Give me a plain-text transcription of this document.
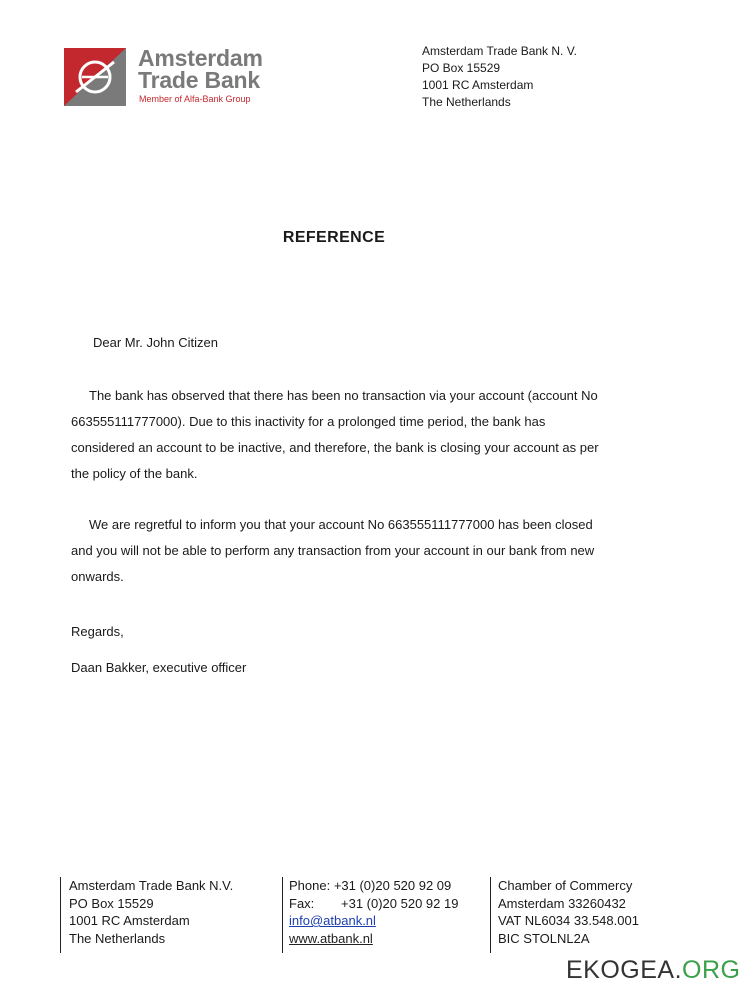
Amsterdam
Trade Bank
Member of Alfa-Bank Group
Amsterdam Trade Bank N. V.
PO Box 15529
1001 RC Amsterdam
The Netherlands
REFERENCE
Dear Mr. John Citizen
The bank has observed that there has been no transaction via your account (account No 663555111777000). Due to this inactivity for a prolonged time period, the bank has considered an account to be inactive, and therefore, the bank is closing your account as per the policy of the bank.
We are regretful to inform you that your account No 663555111777000 has been closed and you will not be able to perform any transaction from your account in our bank from new onwards.
Regards,
Daan Bakker, executive officer
Amsterdam Trade Bank N.V.
PO Box 15529
1001 RC Amsterdam
The Netherlands
Phone: +31 (0)20 520 92 09
Fax: +31 (0)20 520 92 19
info@atbank.nl
www.atbank.nl
Chamber of Commercy
Amsterdam 33260432
VAT NL6034 33.548.001
BIC STOLNL2A
EKOGEA.ORG
